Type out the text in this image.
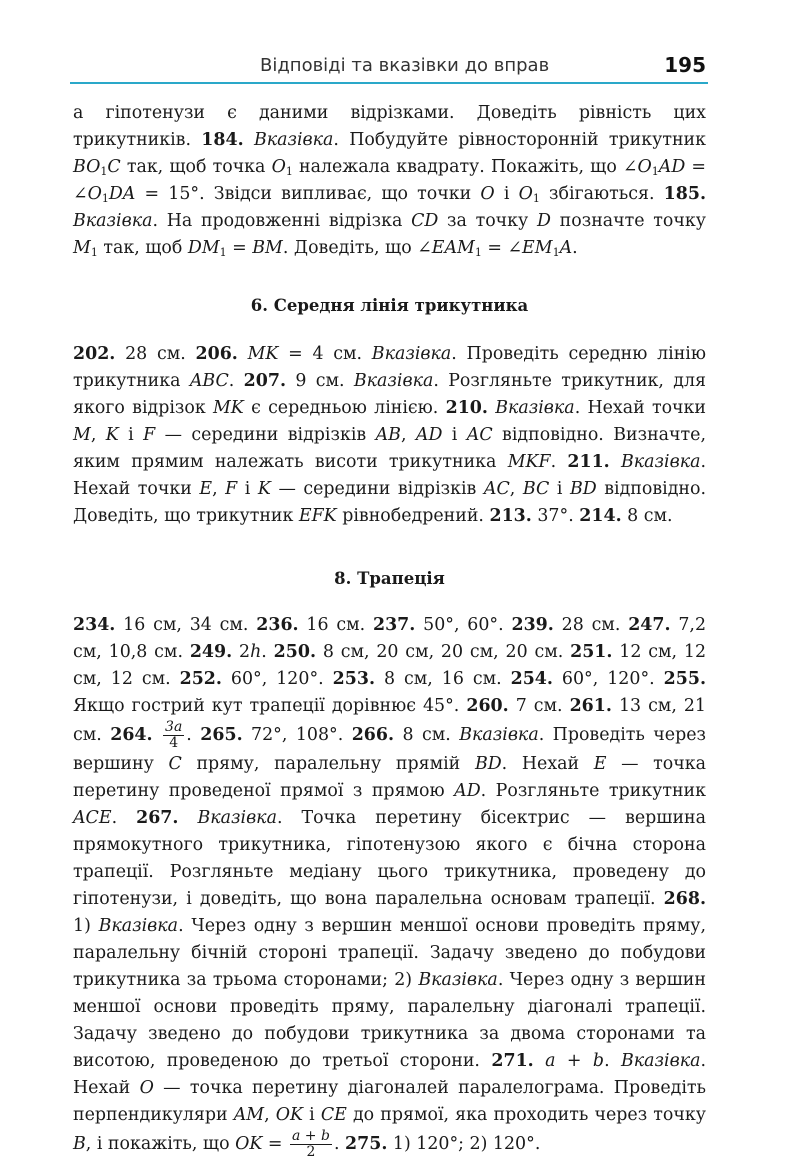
Відповіді та вказівки до вправ	195

а гіпотенузи є даними відрізками. Доведіть рівність цих трикутників. 184. Вказівка. Побудуйте рівносторонній трикутник $BO_1C$ так, щоб точка $O_1$ належала квадрату. Покажіть, що $\angle O_1AD$ = $\angle O_1DA = 15^\circ$. Звідси випливає, що точки O і $O_1$ збігаються. 185. Вказівка. На продовженні відрізка CD за точку D позначте точку $M_1$ так, щоб $DM_1$ = BM. Доведіть, що $\angle EAM_1$ = $\angle EM_1A$.

6. Середня лінія трикутника

202. 28 см. 206. MK = 4 см. Вказівка. Проведіть середню лінію трикутника ABC. 207. 9 см. Вказівка. Розгляньте трикутник, для якого відрізок MK є середньою лінією. 210. Вказівка. Нехай точки M, K і F — середини відрізків AB, AD і AC відповідно. Визначте, яким прямим належать висоти трикутника MKF. 211. Вказівка. Нехай точки E, F і K — середини відрізків AC, BC і BD відповідно. Доведіть, що трикутник EFK рівнобедрений. 213. 37°. 214. 8 см.

8. Трапеція

234. 16 см, 34 см. 236. 16 см. 237. 50°, 60°. 239. 28 см. 247. 7,2 см, 10,8 см. 249. 2h. 250. 8 см, 20 см, 20 см, 20 см. 251. 12 см, 12 см, 12 см. 252. 60°, 120°. 253. 8 см, 16 см. 254. 60°, 120°. 255. Якщо гострий кут трапеції дорівнює 45°. 260. 7 см. 261. 13 см, 21 см. 264. $\frac{3a}{4}$ . 265. 72°, 108°. 266. 8 см. Вказівка. Проведіть через вершину C пряму, паралельну прямій BD. Нехай E — точка перетину проведеної прямої з прямою AD. Розгляньте трикутник ACE. 267. Вказівка. Точка перетину бісектрис — вершина прямокутного трикутника, гіпотенузою якого є бічна сторона трапеції. Розгляньте медіану цього трикутника, проведену до гіпотенузи, і доведіть, що вона паралельна основам трапеції. 268. 1) Вказівка. Через одну з вершин меншої основи проведіть пряму, паралельну бічній стороні трапеції. Задачу зведено до побудови трикутника за трьома сторонами; 2) Вказівка. Через одну з вершин меншої основи проведіть пряму, паралельну діагоналі трапеції. Задачу зведено до побудови трикутника за двома сторонами та висотою, проведеною до третьої сторони. 271. a + b. Вказівка. Нехай O — точка перетину діагоналей паралелограма. Проведіть перпендикуляри AM, OK і CE до прямої, яка проходить через точку B, і покажіть, що OK = $\frac{a + b}{2}$ . 275. 1) 120°; 2) 120°.
